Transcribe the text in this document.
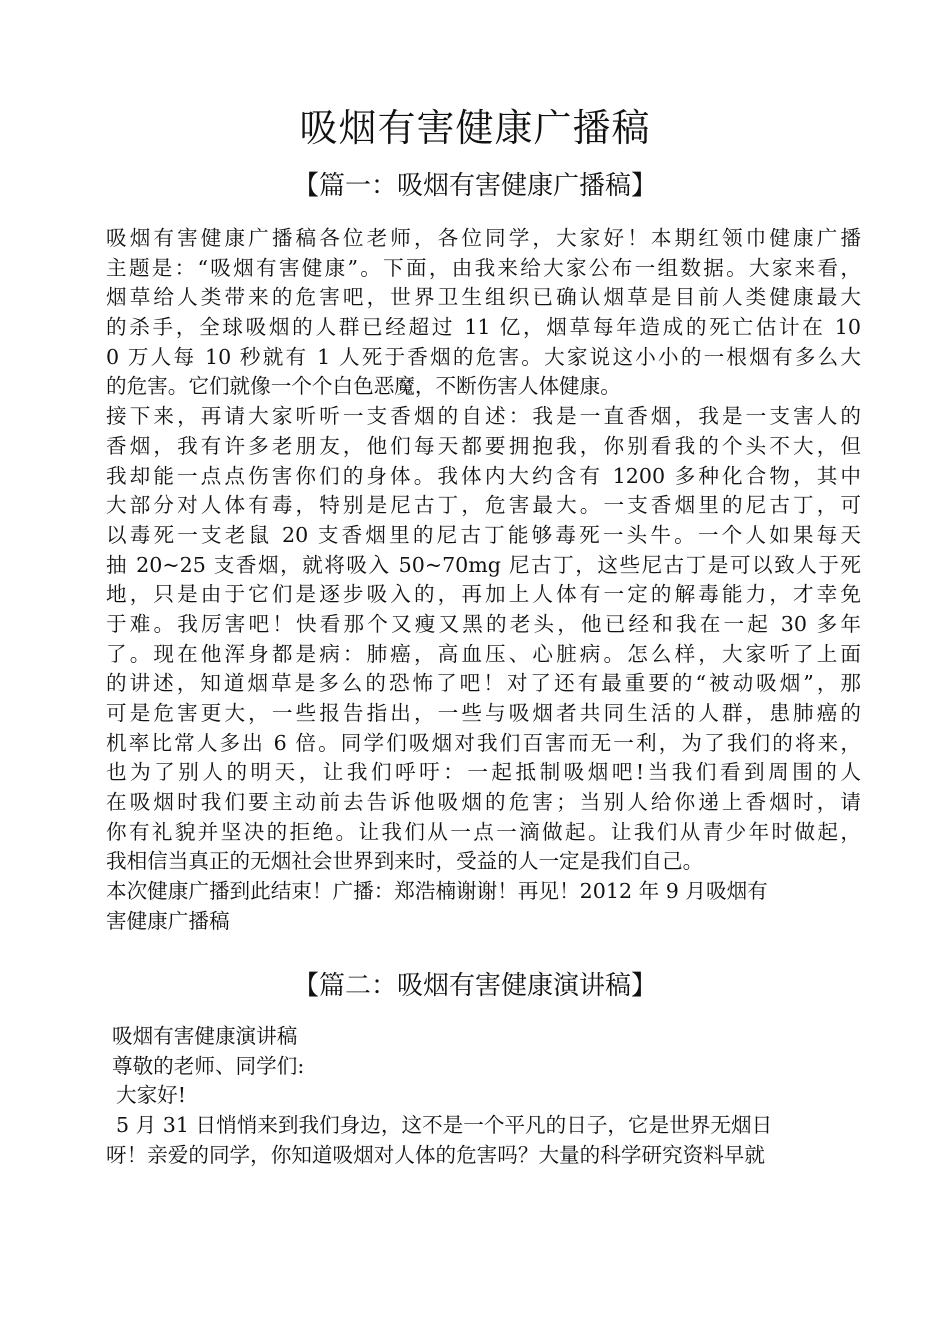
吸烟有害健康广播稿
【篇一：吸烟有害健康广播稿】
吸烟有害健康广播稿各位老师，各位同学，大家好！本期红领巾健康广播
主题是：“吸烟有害健康”。下面，由我来给大家公布一组数据。大家来看，
烟草给人类带来的危害吧，世界卫生组织已确认烟草是目前人类健康最大
的杀手，全球吸烟的人群已经超过 11 亿，烟草每年造成的死亡估计在 10
0 万人每 10 秒就有 1 人死于香烟的危害。大家说这小小的一根烟有多么大
的危害。它们就像一个个白色恶魔，不断伤害人体健康。
接下来，再请大家听听一支香烟的自述：我是一直香烟，我是一支害人的
香烟，我有许多老朋友，他们每天都要拥抱我，你别看我的个头不大，但
我却能一点点伤害你们的身体。我体内大约含有 1200 多种化合物，其中
大部分对人体有毒，特别是尼古丁，危害最大。一支香烟里的尼古丁，可
以毒死一支老鼠 20 支香烟里的尼古丁能够毒死一头牛。一个人如果每天
抽 20~25 支香烟，就将吸入 50~70mg 尼古丁，这些尼古丁是可以致人于死
地，只是由于它们是逐步吸入的，再加上人体有一定的解毒能力，才幸免
于难。我厉害吧！快看那个又瘦又黑的老头，他已经和我在一起 30 多年
了。现在他浑身都是病：肺癌，高血压、心脏病。怎么样，大家听了上面
的讲述，知道烟草是多么的恐怖了吧！对了还有最重要的“被动吸烟”，那
可是危害更大，一些报告指出，一些与吸烟者共同生活的人群，患肺癌的
机率比常人多出 6 倍。同学们吸烟对我们百害而无一利，为了我们的将来，
也为了别人的明天，让我们呼吁：一起抵制吸烟吧!当我们看到周围的人
在吸烟时我们要主动前去告诉他吸烟的危害；当别人给你递上香烟时，请
你有礼貌并坚决的拒绝。让我们从一点一滴做起。让我们从青少年时做起，
我相信当真正的无烟社会世界到来时，受益的人一定是我们自己。
本次健康广播到此结束！广播：郑浩楠谢谢！再见！2012 年 9 月吸烟有
害健康广播稿
【篇二：吸烟有害健康演讲稿】
吸烟有害健康演讲稿
尊敬的老师、同学们:
大家好!
5 月 31 日悄悄来到我们身边，这不是一个平凡的日子，它是世界无烟日
呀！亲爱的同学，你知道吸烟对人体的危害吗？大量的科学研究资料早就
